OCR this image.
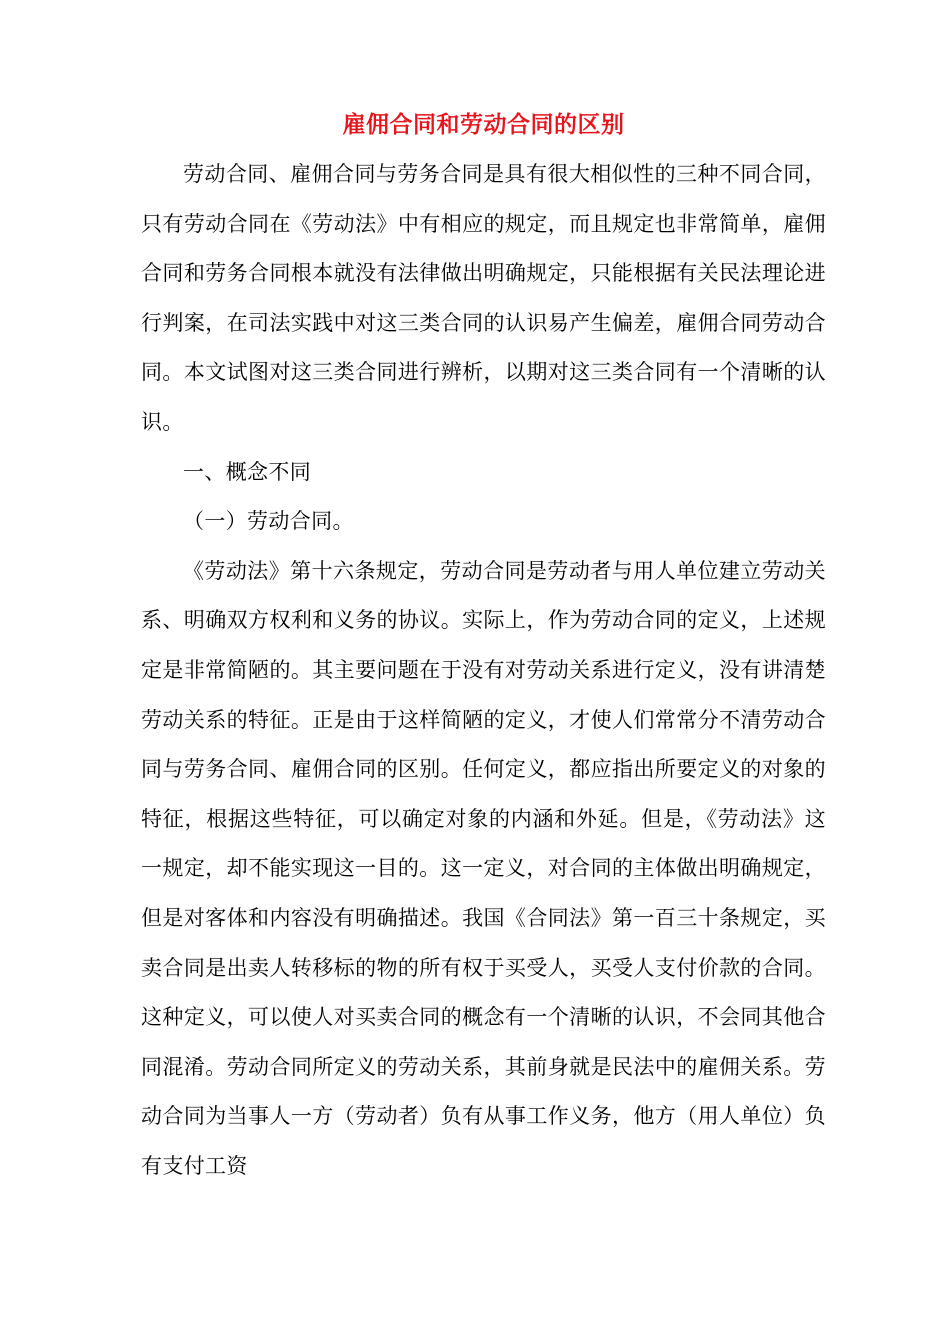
雇佣合同和劳动合同的区别

劳动合同、雇佣合同与劳务合同是具有很大相似性的三种不同合同，只有劳动合同在《劳动法》中有相应的规定，而且规定也非常简单，雇佣合同和劳务合同根本就没有法律做出明确规定，只能根据有关民法理论进行判案，在司法实践中对这三类合同的认识易产生偏差，雇佣合同劳动合同。本文试图对这三类合同进行辨析，以期对这三类合同有一个清晰的认识。

一、概念不同

（一）劳动合同。

《劳动法》第十六条规定，劳动合同是劳动者与用人单位建立劳动关系、明确双方权利和义务的协议。实际上，作为劳动合同的定义，上述规定是非常简陋的。其主要问题在于没有对劳动关系进行定义，没有讲清楚劳动关系的特征。正是由于这样简陋的定义，才使人们常常分不清劳动合同与劳务合同、雇佣合同的区别。任何定义，都应指出所要定义的对象的特征，根据这些特征，可以确定对象的内涵和外延。但是，《劳动法》这一规定，却不能实现这一目的。这一定义，对合同的主体做出明确规定，但是对客体和内容没有明确描述。我国《合同法》第一百三十条规定，买卖合同是出卖人转移标的物的所有权于买受人，买受人支付价款的合同。这种定义，可以使人对买卖合同的概念有一个清晰的认识，不会同其他合同混淆。劳动合同所定义的劳动关系，其前身就是民法中的雇佣关系。劳动合同为当事人一方（劳动者）负有从事工作义务，他方（用人单位）负有支付工资
